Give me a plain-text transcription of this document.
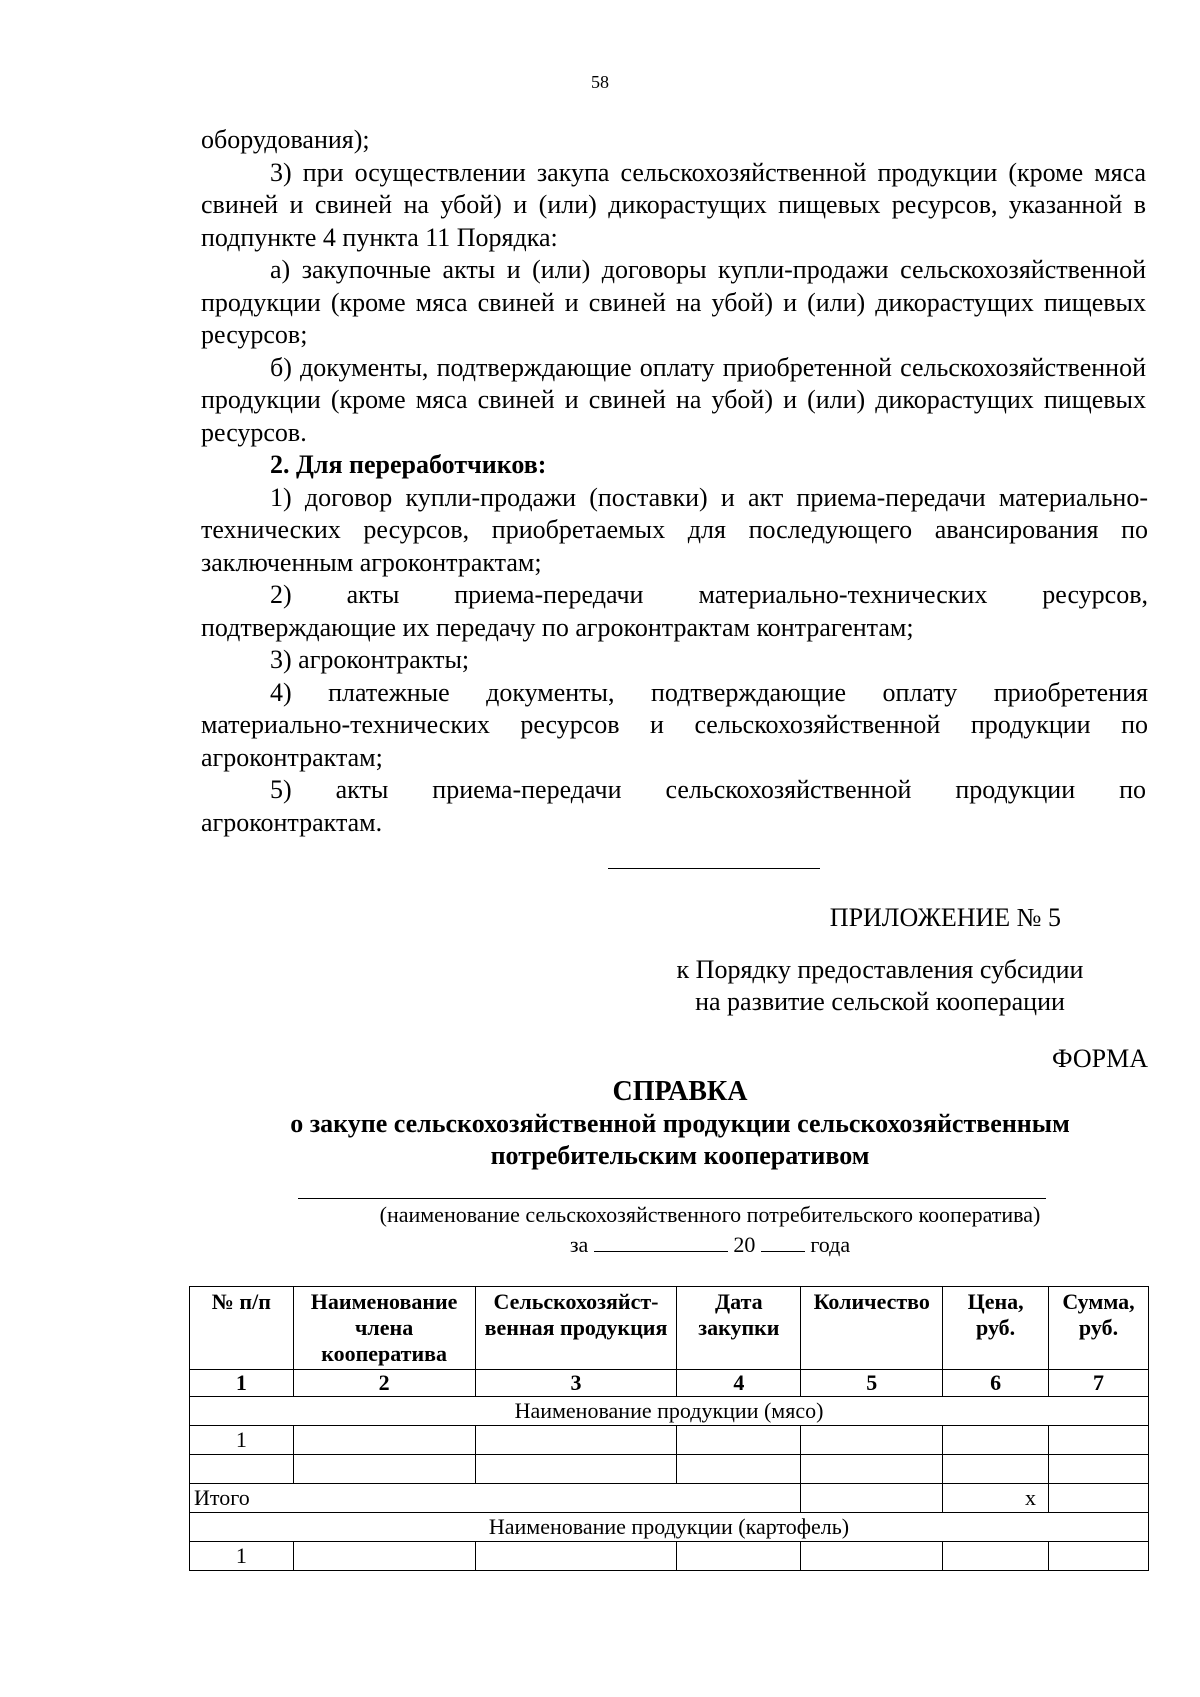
58

оборудования);

3) при осуществлении закупа сельскохозяйственной продукции (кроме мяса свиней и свиней на убой) и (или) дикорастущих пищевых ресурсов, указанной в подпункте 4 пункта 11 Порядка:

а) закупочные акты и (или) договоры купли-продажи сельскохозяйственной продукции (кроме мяса свиней и свиней на убой) и (или) дикорастущих пищевых ресурсов;

б) документы, подтверждающие оплату приобретенной сельскохозяйственной продукции (кроме мяса свиней и свиней на убой) и (или) дикорастущих пищевых ресурсов.

2. Для переработчиков:

1) договор купли-продажи (поставки) и акт приема-передачи материально-технических ресурсов, приобретаемых для последующего авансирования по заключенным агроконтрактам;

2) акты приема-передачи материально-технических ресурсов, подтверждающие их передачу по агроконтрактам контрагентам;

3) агроконтракты;

4) платежные документы, подтверждающие оплату приобретения материально-технических ресурсов и сельскохозяйственной продукции по агроконтрактам;

5) акты приема-передачи сельскохозяйственной продукции по агроконтрактам.

ПРИЛОЖЕНИЕ № 5
к Порядку предоставления субсидии
на развитие сельской кооперации
ФОРМА
СПРАВКА
о закупе сельскохозяйственной продукции сельскохозяйственным
потребительским кооперативом
(наименование сельскохозяйственного потребительского кооператива)
за	20	года
№ п/п	Наименование члена кооператива	Сельскохозяйст-венная продукция	Дата закупки	Количество	Цена, руб.	Сумма, руб.
1	2	3	4	5	6	7
Наименование продукции (мясо)						
1						

Итого					х	
Наименование продукции (картофель)						
1						
